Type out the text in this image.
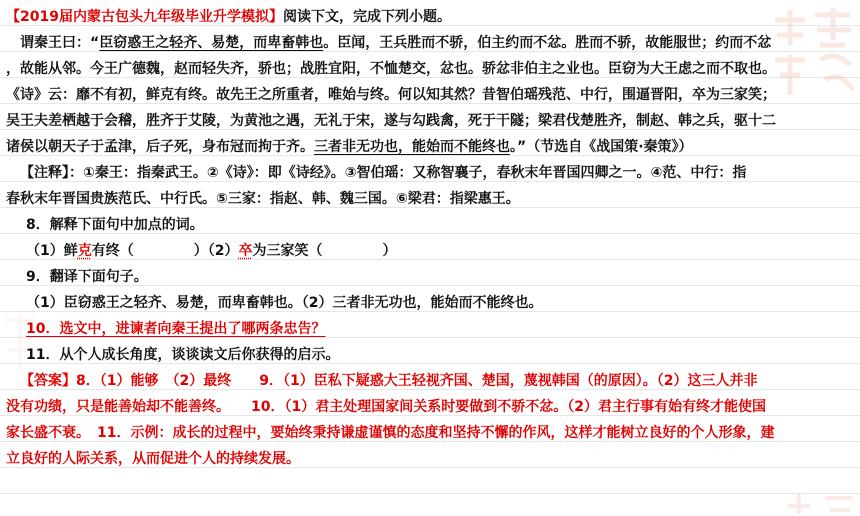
【2019届内蒙古包头九年级毕业升学模拟】阅读下文，完成下列小题。
谓秦王曰：“臣窃惑王之轻齐、易楚，而卑畜韩也。臣闻，王兵胜而不骄，伯主约而不忿。胜而不骄，故能服世；约而不忿
，故能从邻。今王广德魏，赵而轻失齐，骄也；战胜宜阳，不恤楚交，忿也。骄忿非伯主之业也。臣窃为大王虑之而不取也。
《诗》云：靡不有初，鲜克有终。故先王之所重者，唯始与终。何以知其然？昔智伯瑶残范、中行，围逼晋阳，卒为三家笑；
吴王夫差栖越于会稽，胜齐于艾陵，为黄池之遇，无礼于宋，遂与勾践禽，死于干隧；梁君伐楚胜齐，制赵、韩之兵，驱十二
诸侯以朝天子于孟津，后子死，身布冠而拘于齐。三者非无功也，能始而不能终也。”（节选自《战国策·秦策》）
【注释】：①秦王：指秦武王。②《诗》：即《诗经》。③智伯瑶：又称智襄子，春秋末年晋国四卿之一。④范、中行：指
春秋末年晋国贵族范氏、中行氏。⑤三家：指赵、韩、魏三国。⑥梁君：指梁惠王。
8．解释下面句中加点的词。
（1）鲜克有终（	）（2）卒为三家笑（	）
9．翻译下面句子。
（1）臣窃惑王之轻齐、易楚，而卑畜韩也。（2）三者非无功也，能始而不能终也。
10．选文中，进谏者向秦王提出了哪两条忠告？
11．从个人成长角度，谈谈读文后你获得的启示。
【答案】8．（1）能够　（2）最终　　9．（1）臣私下疑惑大王轻视齐国、楚国，蔑视韩国（的原因）。（2）这三人并非
没有功绩，只是能善始却不能善终。　　10．（1）君主处理国家间关系时要做到不骄不忿。（2）君主行事有始有终才能使国
家长盛不衰。　11．示例：成长的过程中，要始终秉持谦虚谨慎的态度和坚持不懈的作风，这样才能树立良好的个人形象，建
立良好的人际关系，从而促进个人的持续发展。
